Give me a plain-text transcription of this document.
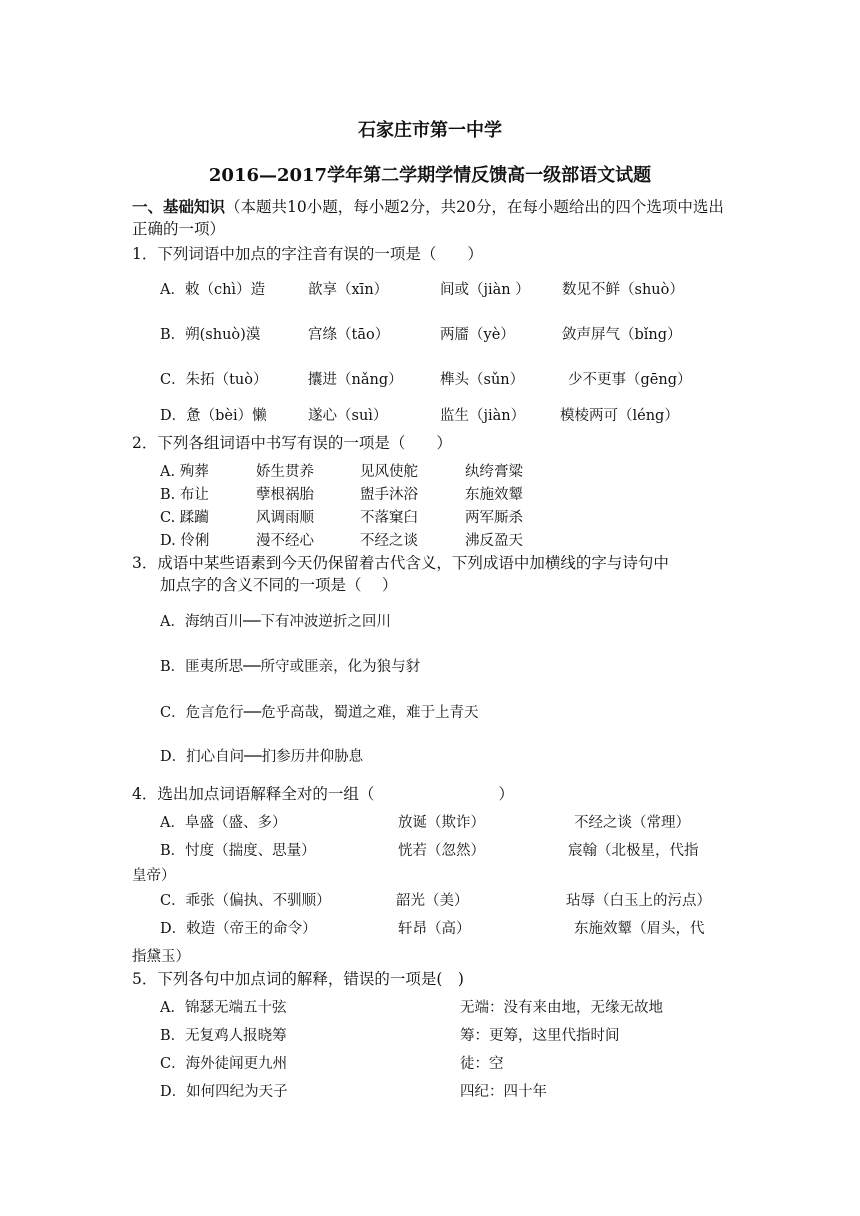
石家庄市第一中学
2016—2017学年第二学期学情反馈高一级部语文试题
一、基础知识（本题共10小题，每小题2分，共20分，在每小题给出的四个选项中选出正确的一项）
1．下列词语中加点的字注音有误的一项是（　　）
A．敕（chì）造	歆享（xīn）	间或（jiàn ） 数见不鲜（shuò）
B．朔(shuò)漠	宫绦（tāo）	两靥（yè）	敛声屏气（bǐng）
C．朱拓（tuò）	攮进（nǎng）	榫头（sǔn）	少不更事（gēng）
D．惫（bèi）懒	遂心（suì）	监生（jiàn） 模棱两可（léng）
2．下列各组词语中书写有误的一项是（　　）
A. 殉葬	娇生贯养	见风使舵	纨绔膏粱
B. 布让	孽根祸胎	盥手沐浴	东施效颦
C. 蹂躏	风调雨顺	不落窠臼	两军厮杀
D. 伶俐	漫不经心	不经之谈	沸反盈天
3．成语中某些语素到今天仍保留着古代含义，下列成语中加横线的字与诗句中
加点字的含义不同的一项是（　 ）
A．海纳百川──下有冲波逆折之回川
B．匪夷所思──所守或匪亲，化为狼与豺
C．危言危行──危乎高哉，蜀道之难，难于上青天
D．扪心自问──扪参历井仰胁息
4．选出加点词语解释全对的一组（　　　　　　　　）
A．阜盛（盛、多）	放诞（欺诈）	不经之谈（常理）
B．忖度（揣度、思量）	恍若（忽然）	宸翰（北极星，代指
皇帝）
C．乖张（偏执、不驯顺）	韶光（美）	玷辱（白玉上的污点）
D．敕造（帝王的命令）	轩昂（高）	东施效颦（眉头，代
指黛玉）
5．下列各句中加点词的解释，错误的一项是(　)
A．锦瑟无端五十弦	无端：没有来由地，无缘无故地
B．无复鸡人报晓筹	筹：更筹，这里代指时间
C．海外徒闻更九州	徒：空
D．如何四纪为天子	四纪：四十年
